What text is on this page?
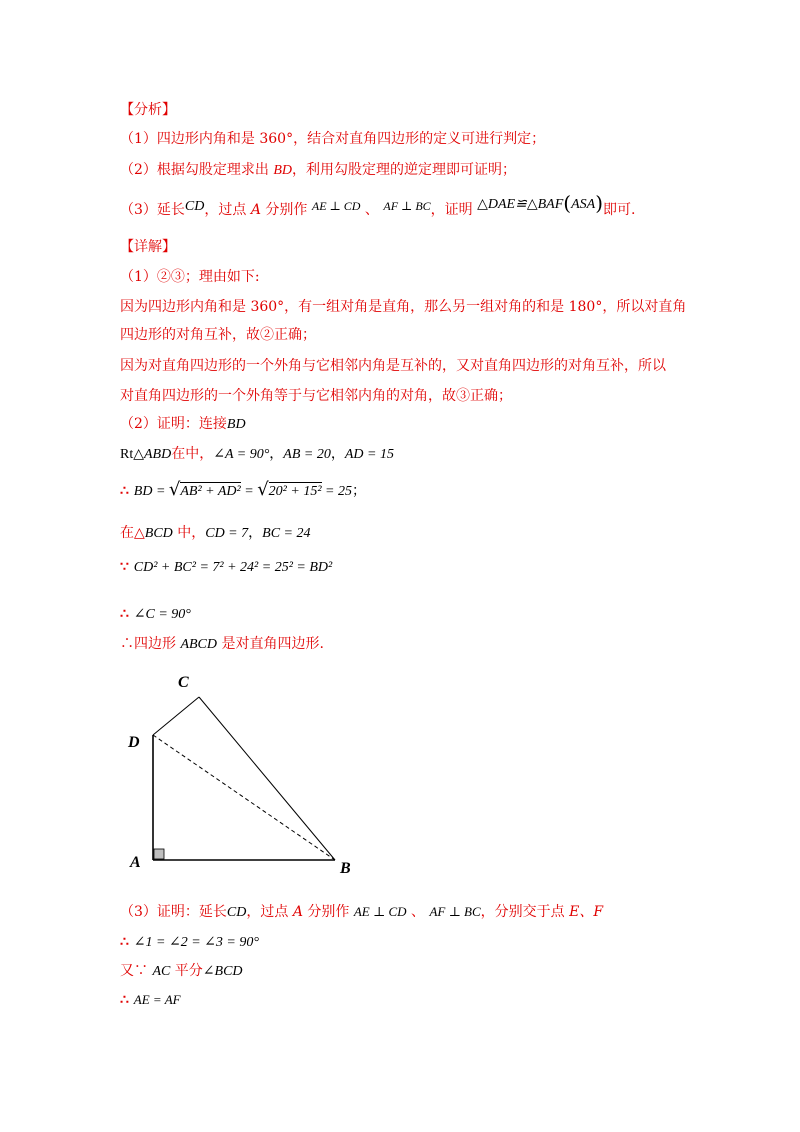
【分析】
（1）四边形内角和是 360°，结合对直角四边形的定义可进行判定；
（2）根据勾股定理求出 BD，利用勾股定理的逆定理即可证明；
（3）延长CD，过点 A 分别作 AE ⊥ CD 、 AF ⊥ BC，证明 △DAE≌△BAF(ASA)即可.
【详解】
（1）②③；理由如下:
因为四边形内角和是 360°，有一组对角是直角，那么另一组对角的和是 180°，所以对直角
四边形的对角互补，故②正确；
因为对直角四边形的一个外角与它相邻内角是互补的，又对直角四边形的对角互补，所以
对直角四边形的一个外角等于与它相邻内角的对角，故③正确；
（2）证明：连接BD
Rt△ABD在中，∠A = 90°，AB = 20，AD = 15
∴ BD = √AB² + AD² = √20² + 15² = 25；
在△BCD 中，CD = 7，BC = 24
∵ CD² + BC² = 7² + 24² = 25² = BD²
∴ ∠C = 90°
∴四边形 ABCD 是对直角四边形.
C
D
A	B
（3）证明：延长CD，过点 A 分别作 AE ⊥ CD 、 AF ⊥ BC，分别交于点 E、F
∴ ∠1 = ∠2 = ∠3 = 90°
又∵ AC 平分∠BCD
∴ AE = AF
